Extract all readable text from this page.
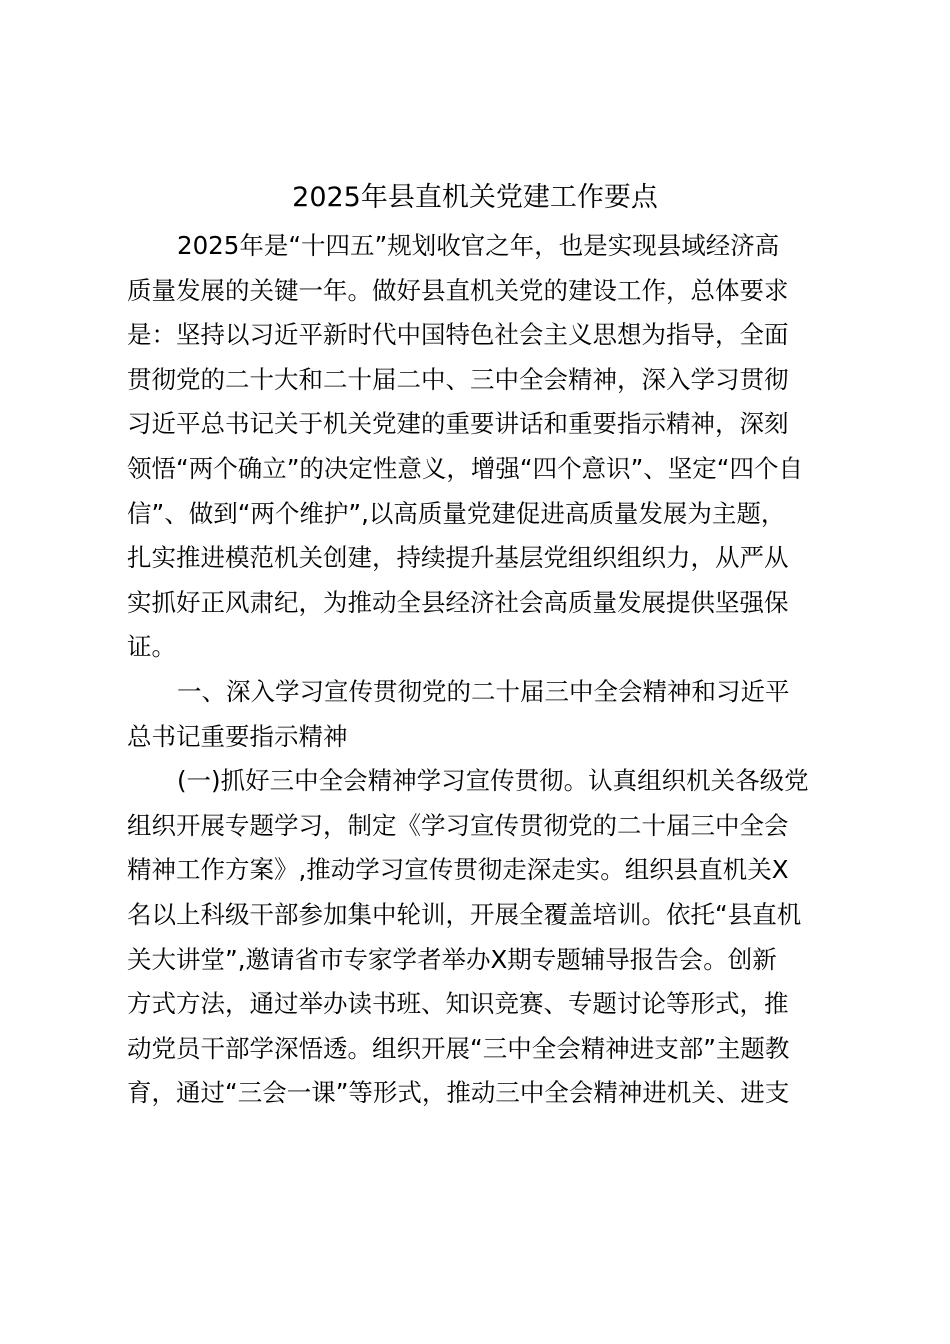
2025年县直机关党建工作要点
2025年是“十四五”规划收官之年，也是实现县域经济高
质量发展的关键一年。做好县直机关党的建设工作，总体要求
是：坚持以习近平新时代中国特色社会主义思想为指导，全面
贯彻党的二十大和二十届二中、三中全会精神，深入学习贯彻
习近平总书记关于机关党建的重要讲话和重要指示精神，深刻
领悟“两个确立”的决定性意义，增强“四个意识”、坚定“四个自
信”、做到“两个维护”,以高质量党建促进高质量发展为主题，
扎实推进模范机关创建，持续提升基层党组织组织力，从严从
实抓好正风肃纪，为推动全县经济社会高质量发展提供坚强保
证。
一、深入学习宣传贯彻党的二十届三中全会精神和习近平
总书记重要指示精神
(一)抓好三中全会精神学习宣传贯彻。认真组织机关各级党
组织开展专题学习，制定《学习宣传贯彻党的二十届三中全会
精神工作方案》,推动学习宣传贯彻走深走实。组织县直机关X
名以上科级干部参加集中轮训，开展全覆盖培训。依托“县直机
关大讲堂”,邀请省市专家学者举办X期专题辅导报告会。创新
方式方法，通过举办读书班、知识竞赛、专题讨论等形式，推
动党员干部学深悟透。组织开展“三中全会精神进支部”主题教
育，通过“三会一课”等形式，推动三中全会精神进机关、进支
